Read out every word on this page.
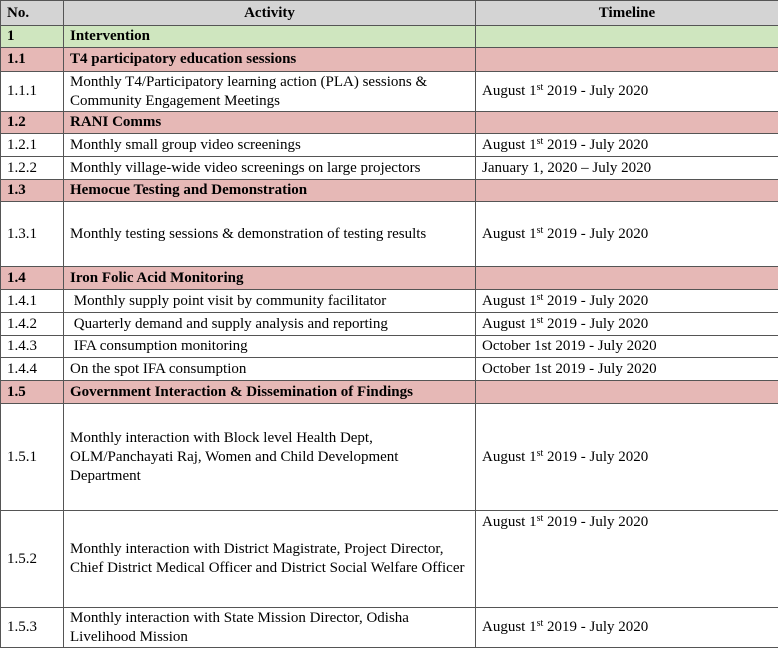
No.	Activity	Timeline
1	Intervention	
1.1	T4 participatory education sessions	
1.1.1	Monthly T4/Participatory learning action (PLA) sessions & Community Engagement Meetings	August 1st 2019 - July 2020
1.2	RANI Comms	
1.2.1	Monthly small group video screenings	August 1st 2019 - July 2020
1.2.2	Monthly village-wide video screenings on large projectors	January 1, 2020 – July 2020
1.3	Hemocue Testing and Demonstration	
1.3.1	Monthly testing sessions & demonstration of testing results	August 1st 2019 - July 2020
1.4	Iron Folic Acid Monitoring	
1.4.1	Monthly supply point visit by community facilitator	August 1st 2019 - July 2020
1.4.2	Quarterly demand and supply analysis and reporting	August 1st 2019 - July 2020
1.4.3	IFA consumption monitoring	October 1st 2019 - July 2020
1.4.4	On the spot IFA consumption	October 1st 2019 - July 2020
1.5	Government Interaction & Dissemination of Findings	
1.5.1	Monthly interaction with Block level Health Dept, OLM/Panchayati Raj, Women and Child Development Department	August 1st 2019 - July 2020
1.5.2	Monthly interaction with District Magistrate, Project Director, Chief District Medical Officer and District Social Welfare Officer	August 1st 2019 - July 2020
1.5.3	Monthly interaction with State Mission Director, Odisha Livelihood Mission	August 1st 2019 - July 2020
